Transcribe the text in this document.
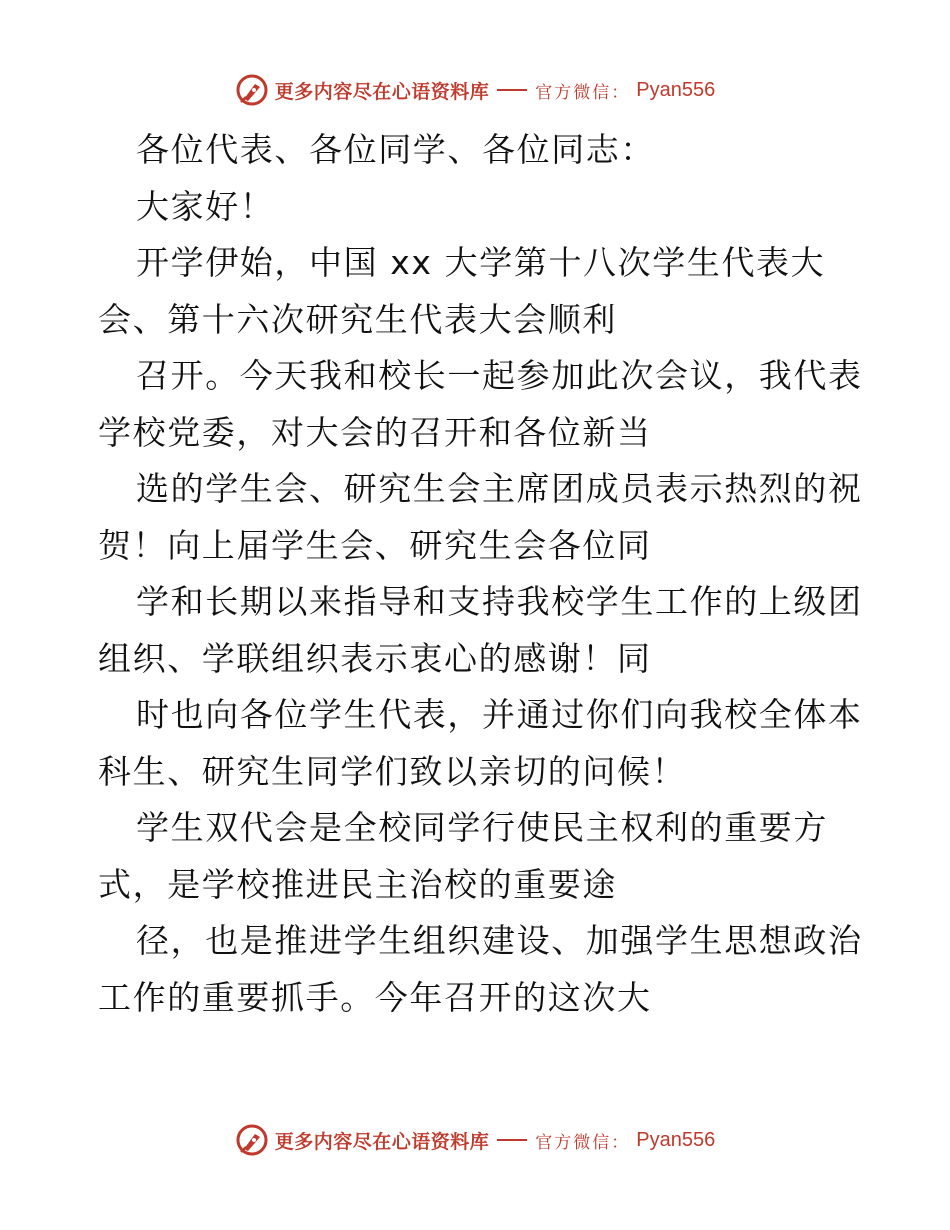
更多内容尽在心语资料库	官方微信： Pyan556
各位代表、各位同学、各位同志：
大家好！
开学伊始，中国 xx 大学第十八次学生代表大
会、第十六次研究生代表大会顺利
召开。今天我和校长一起参加此次会议，我代表
学校党委，对大会的召开和各位新当
选的学生会、研究生会主席团成员表示热烈的祝
贺！向上届学生会、研究生会各位同
学和长期以来指导和支持我校学生工作的上级团
组织、学联组织表示衷心的感谢！同
时也向各位学生代表，并通过你们向我校全体本
科生、研究生同学们致以亲切的问候！
学生双代会是全校同学行使民主权利的重要方
式，是学校推进民主治校的重要途
径，也是推进学生组织建设、加强学生思想政治
工作的重要抓手。今年召开的这次大
更多内容尽在心语资料库	官方微信： Pyan556
